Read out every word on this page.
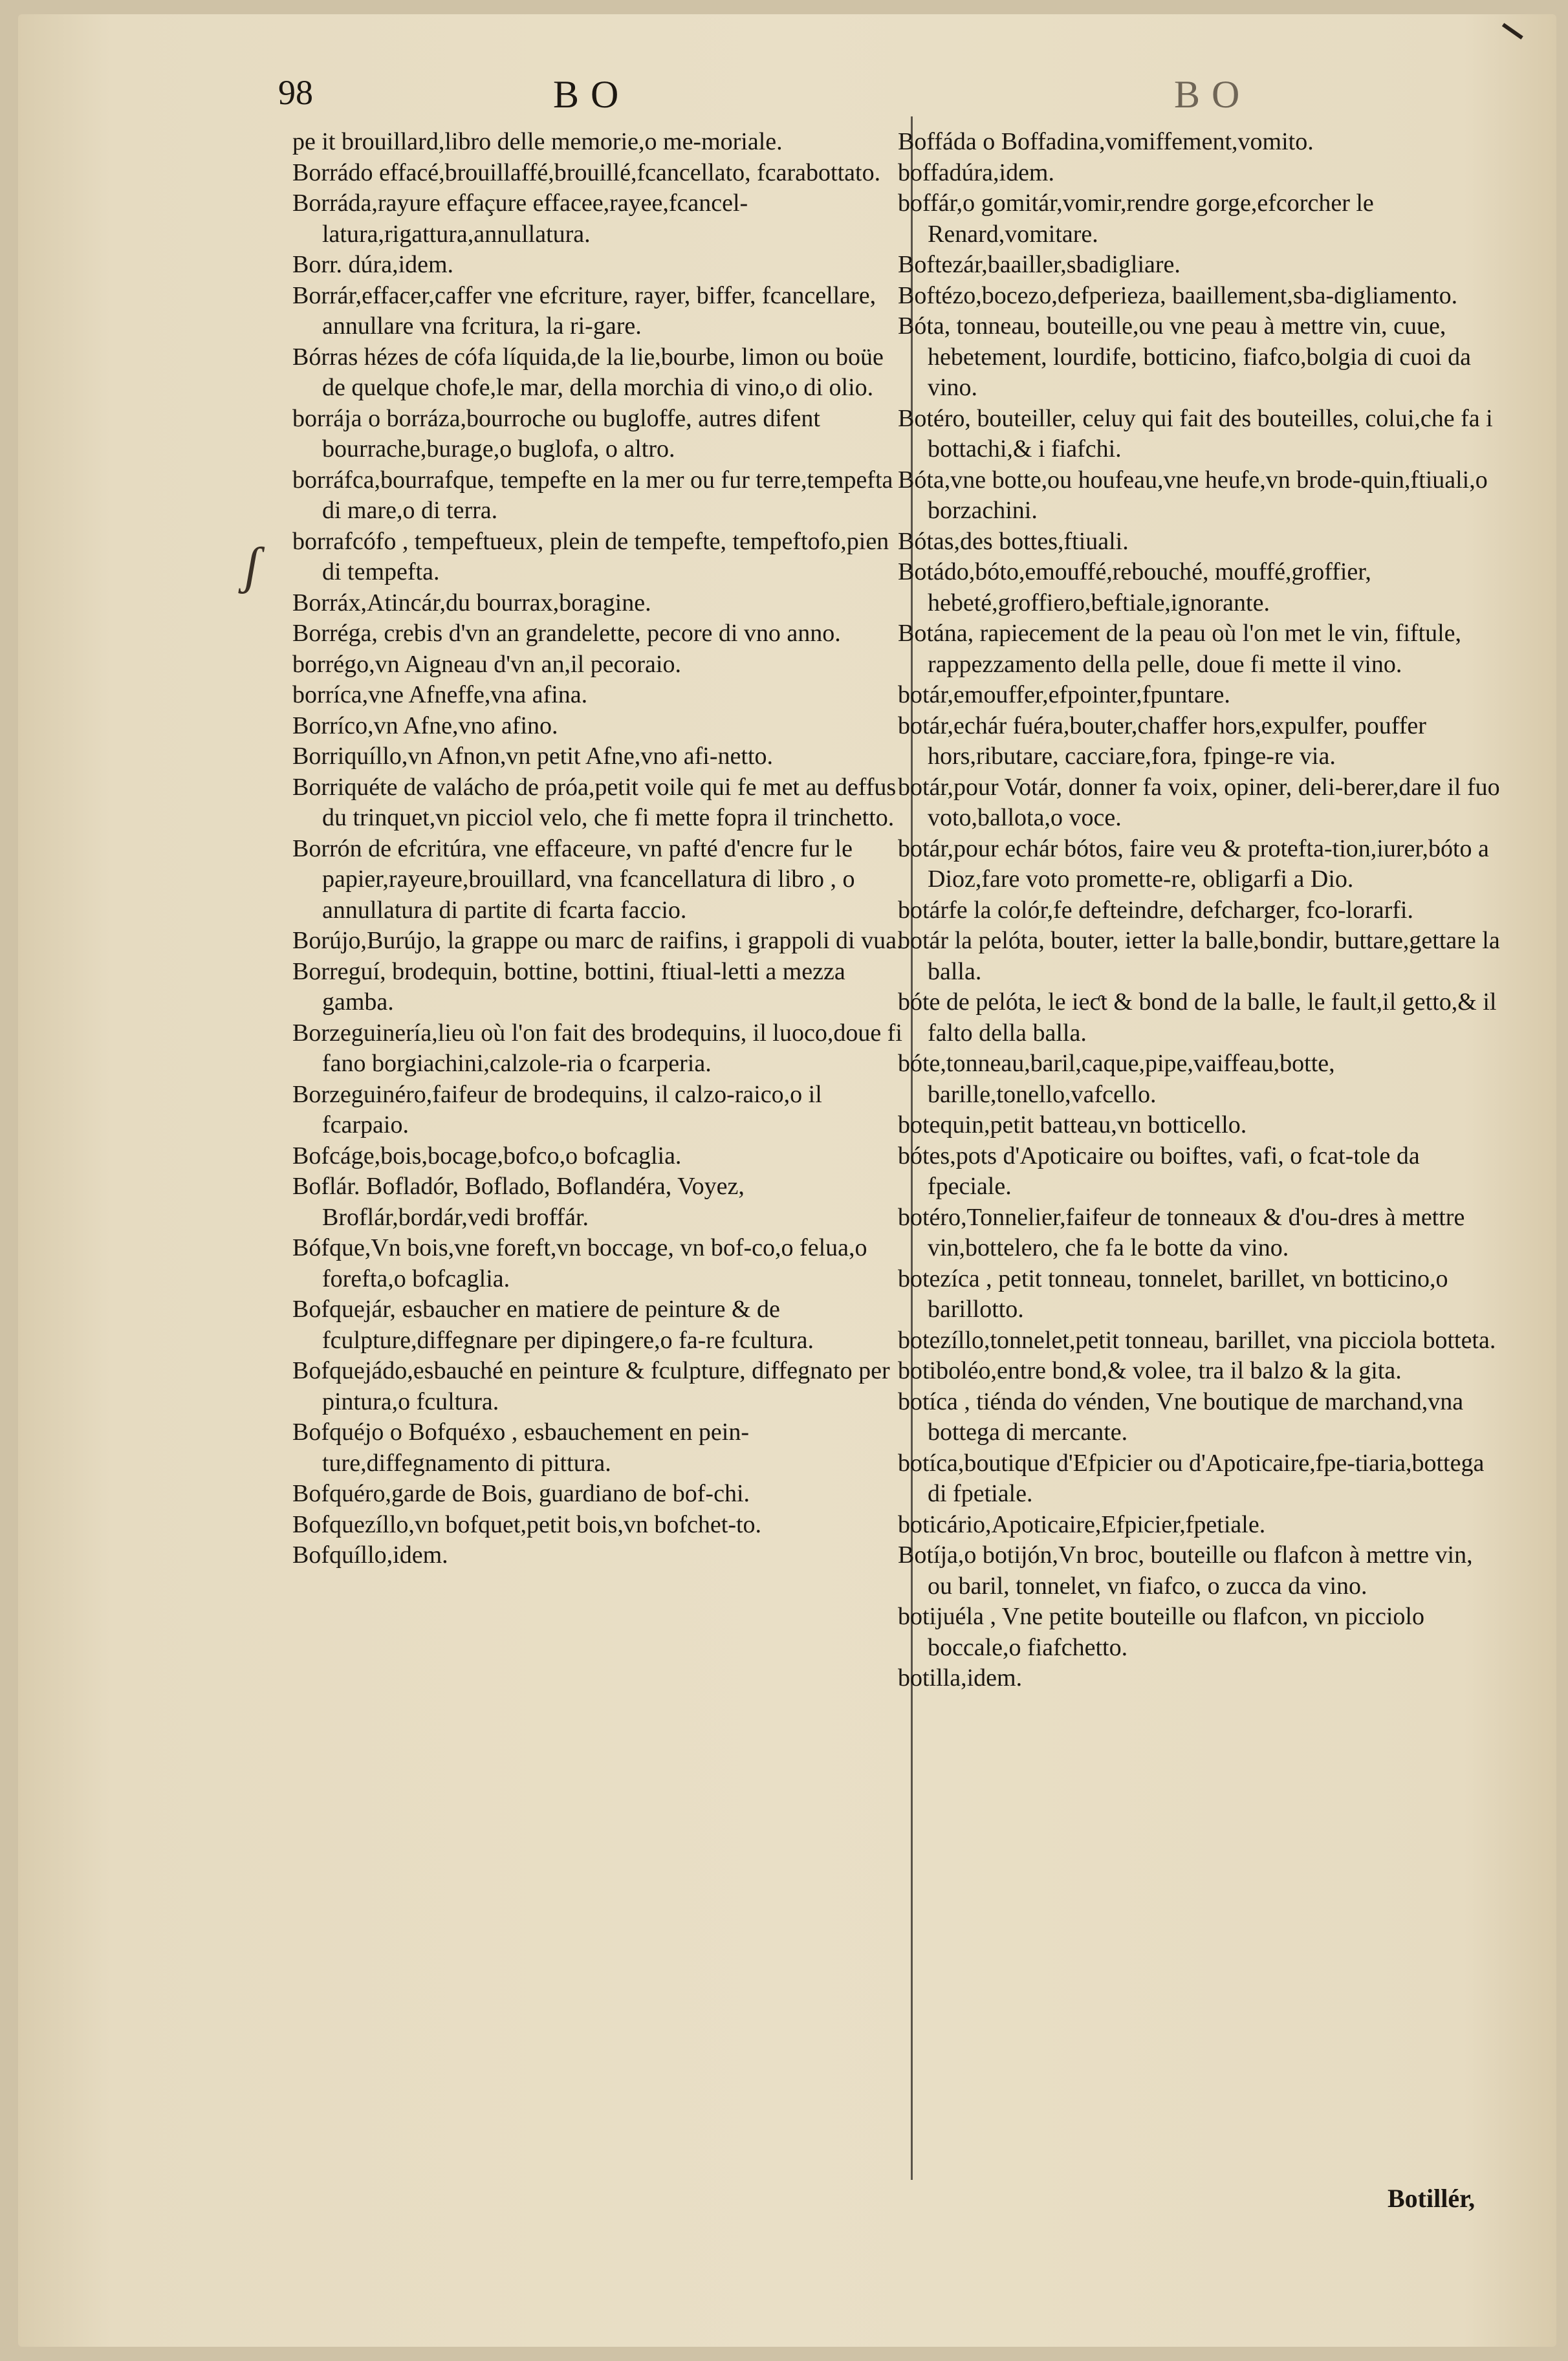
98	BO	BO
ʃ

pe it brouillard,libro delle memorie,o me-moriale.

Borrádo effacé,brouillaffé,brouillé,fcancellato, fcarabottato.

Borráda,rayure effaçure effacee,rayee,fcancel-latura,rigattura,annullatura.

Borr. dúra,idem.

Borrár,effacer,caffer vne efcriture, rayer, biffer, fcancellare, annullare vna fcritura, la ri-gare.

Bórras hézes de cófa líquida,de la lie,bourbe, limon ou boüe de quelque chofe,le mar, della morchia di vino,o di olio.

borrája o borráza,bourroche ou bugloffe, autres difent bourrache,burage,o buglofa, o altro.

borráfca,bourrafque, tempefte en la mer ou fur terre,tempefta di mare,o di terra.

borrafcófo , tempeftueux, plein de tempefte, tempeftofo,pien di tempefta.

Borráx,Atincár,du bourrax,boragine.

Borréga, crebis d'vn an grandelette, pecore di vno anno.

borrégo,vn Aigneau d'vn an,il pecoraio.

borríca,vne Afneffe,vna afina.

Borríco,vn Afne,vno afino.

Borriquíllo,vn Afnon,vn petit Afne,vno afi-netto.

Borriquéte de valácho de próa,petit voile qui fe met au deffus du trinquet,vn picciol velo, che fi mette fopra il trinchetto.

Borrón de efcritúra, vne effaceure, vn pafté d'encre fur le papier,rayeure,brouillard, vna fcancellatura di libro , o annullatura di partite di fcarta faccio.

Borújo,Burújo, la grappe ou marc de raifins, i grappoli di vua.

Borreguí, brodequin, bottine, bottini, ftiual-letti a mezza gamba.

Borzeguinería,lieu où l'on fait des brodequins, il luoco,doue fi fano borgiachini,calzole-ria o fcarperia.

Borzeguinéro,faifeur de brodequins, il calzo-raico,o il fcarpaio.

Bofcáge,bois,bocage,bofco,o bofcaglia.

Boflár. Bofladór, Boflado, Boflandéra, Voyez, Broflár,bordár,vedi broffár.

Bófque,Vn bois,vne foreft,vn boccage, vn bof-co,o felua,o forefta,o bofcaglia.

Bofquejár, esbaucher en matiere de peinture & de fculpture,diffegnare per dipingere,o fa-re fcultura.

Bofquejádo,esbauché en peinture & fculpture, diffegnato per pintura,o fcultura.

Bofquéjo o Bofquéxo , esbauchement en pein-ture,diffegnamento di pittura.

Bofquéro,garde de Bois, guardiano de bof-chi.

Bofquezíllo,vn bofquet,petit bois,vn bofchet-to.

Bofquíllo,idem.

Boffáda o Boffadina,vomiffement,vomito.

boffadúra,idem.

boffár,o gomitár,vomir,rendre gorge,efcorcher le Renard,vomitare.

Boftezár,baailler,sbadigliare.

Boftézo,bocezo,defperieza, baaillement,sba-digliamento.

Bóta, tonneau, bouteille,ou vne peau à mettre vin, cuue, hebetement, lourdife, botticino, fiafco,bolgia di cuoi da vino.

Botéro, bouteiller, celuy qui fait des bouteilles, colui,che fa i bottachi,& i fiafchi.

Bóta,vne botte,ou houfeau,vne heufe,vn brode-quin,ftiuali,o borzachini.

Bótas,des bottes,ftiuali.

Botádo,bóto,emouffé,rebouché, mouffé,groffier, hebeté,groffiero,beftiale,ignorante.

Botána, rapiecement de la peau où l'on met le vin, fiftule, rappezzamento della pelle, doue fi mette il vino.

botár,emouffer,efpointer,fpuntare.

botár,echár fuéra,bouter,chaffer hors,expulfer, pouffer hors,ributare, cacciare,fora, fpinge-re via.

botár,pour Votár, donner fa voix, opiner, deli-berer,dare il fuo voto,ballota,o voce.

botár,pour echár bótos, faire veu & protefta-tion,iurer,bóto a Dioz,fare voto promette-re, obligarfi a Dio.

botárfe la colór,fe defteindre, defcharger, fco-lorarfi.

botár la pelóta, bouter, ietter la balle,bondir, buttare,gettare la balla.

bóte de pelóta, le ieƈt & bond de la balle, le fault,il getto,& il falto della balla.

bóte,tonneau,baril,caque,pipe,vaiffeau,botte, barille,tonello,vafcello.

botequin,petit batteau,vn botticello.

bótes,pots d'Apoticaire ou boiftes, vafi, o fcat-tole da fpeciale.

botéro,Tonnelier,faifeur de tonneaux & d'ou-dres à mettre vin,bottelero, che fa le botte da vino.

botezíca , petit tonneau, tonnelet, barillet, vn botticino,o barillotto.

botezíllo,tonnelet,petit tonneau, barillet, vna picciola botteta.

botiboléo,entre bond,& volee, tra il balzo & la gita.

botíca , tiénda do vénden, Vne boutique de marchand,vna bottega di mercante.

botíca,boutique d'Efpicier ou d'Apoticaire,fpe-tiaria,bottega di fpetiale.

boticário,Apoticaire,Efpicier,fpetiale.

Botíja,o botijón,Vn broc, bouteille ou flafcon à mettre vin, ou baril, tonnelet, vn fiafco, o zucca da vino.

botijuéla , Vne petite bouteille ou flafcon, vn picciolo boccale,o fiafchetto.

botilla,idem.

Botillér,
